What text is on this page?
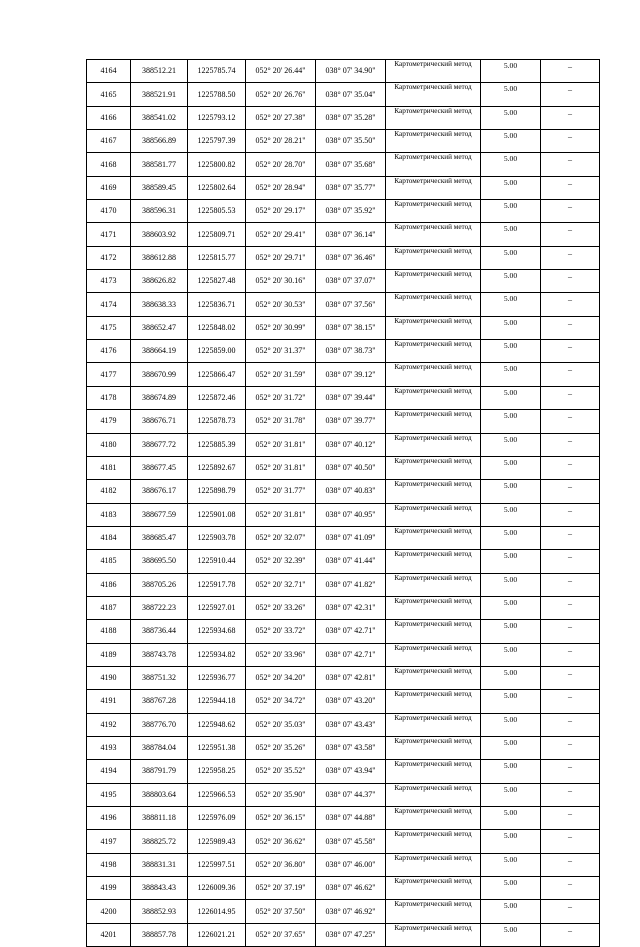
4164	388512.21	1225785.74	052° 20' 26.44"	038° 07' 34.90"	Картометрический метод	5.00	–
4165	388521.91	1225788.50	052° 20' 26.76"	038° 07' 35.04"	Картометрический метод	5.00	–
4166	388541.02	1225793.12	052° 20' 27.38"	038° 07' 35.28"	Картометрический метод	5.00	–
4167	388566.89	1225797.39	052° 20' 28.21"	038° 07' 35.50"	Картометрический метод	5.00	–
4168	388581.77	1225800.82	052° 20' 28.70"	038° 07' 35.68"	Картометрический метод	5.00	–
4169	388589.45	1225802.64	052° 20' 28.94"	038° 07' 35.77"	Картометрический метод	5.00	–
4170	388596.31	1225805.53	052° 20' 29.17"	038° 07' 35.92"	Картометрический метод	5.00	–
4171	388603.92	1225809.71	052° 20' 29.41"	038° 07' 36.14"	Картометрический метод	5.00	–
4172	388612.88	1225815.77	052° 20' 29.71"	038° 07' 36.46"	Картометрический метод	5.00	–
4173	388626.82	1225827.48	052° 20' 30.16"	038° 07' 37.07"	Картометрический метод	5.00	–
4174	388638.33	1225836.71	052° 20' 30.53"	038° 07' 37.56"	Картометрический метод	5.00	–
4175	388652.47	1225848.02	052° 20' 30.99"	038° 07' 38.15"	Картометрический метод	5.00	–
4176	388664.19	1225859.00	052° 20' 31.37"	038° 07' 38.73"	Картометрический метод	5.00	–
4177	388670.99	1225866.47	052° 20' 31.59"	038° 07' 39.12"	Картометрический метод	5.00	–
4178	388674.89	1225872.46	052° 20' 31.72"	038° 07' 39.44"	Картометрический метод	5.00	–
4179	388676.71	1225878.73	052° 20' 31.78"	038° 07' 39.77"	Картометрический метод	5.00	–
4180	388677.72	1225885.39	052° 20' 31.81"	038° 07' 40.12"	Картометрический метод	5.00	–
4181	388677.45	1225892.67	052° 20' 31.81"	038° 07' 40.50"	Картометрический метод	5.00	–
4182	388676.17	1225898.79	052° 20' 31.77"	038° 07' 40.83"	Картометрический метод	5.00	–
4183	388677.59	1225901.08	052° 20' 31.81"	038° 07' 40.95"	Картометрический метод	5.00	–
4184	388685.47	1225903.78	052° 20' 32.07"	038° 07' 41.09"	Картометрический метод	5.00	–
4185	388695.50	1225910.44	052° 20' 32.39"	038° 07' 41.44"	Картометрический метод	5.00	–
4186	388705.26	1225917.78	052° 20' 32.71"	038° 07' 41.82"	Картометрический метод	5.00	–
4187	388722.23	1225927.01	052° 20' 33.26"	038° 07' 42.31"	Картометрический метод	5.00	–
4188	388736.44	1225934.68	052° 20' 33.72"	038° 07' 42.71"	Картометрический метод	5.00	–
4189	388743.78	1225934.82	052° 20' 33.96"	038° 07' 42.71"	Картометрический метод	5.00	–
4190	388751.32	1225936.77	052° 20' 34.20"	038° 07' 42.81"	Картометрический метод	5.00	–
4191	388767.28	1225944.18	052° 20' 34.72"	038° 07' 43.20"	Картометрический метод	5.00	–
4192	388776.70	1225948.62	052° 20' 35.03"	038° 07' 43.43"	Картометрический метод	5.00	–
4193	388784.04	1225951.38	052° 20' 35.26"	038° 07' 43.58"	Картометрический метод	5.00	–
4194	388791.79	1225958.25	052° 20' 35.52"	038° 07' 43.94"	Картометрический метод	5.00	–
4195	388803.64	1225966.53	052° 20' 35.90"	038° 07' 44.37"	Картометрический метод	5.00	–
4196	388811.18	1225976.09	052° 20' 36.15"	038° 07' 44.88"	Картометрический метод	5.00	–
4197	388825.72	1225989.43	052° 20' 36.62"	038° 07' 45.58"	Картометрический метод	5.00	–
4198	388831.31	1225997.51	052° 20' 36.80"	038° 07' 46.00"	Картометрический метод	5.00	–
4199	388843.43	1226009.36	052° 20' 37.19"	038° 07' 46.62"	Картометрический метод	5.00	–
4200	388852.93	1226014.95	052° 20' 37.50"	038° 07' 46.92"	Картометрический метод	5.00	–
4201	388857.78	1226021.21	052° 20' 37.65"	038° 07' 47.25"	Картометрический метод	5.00	–
